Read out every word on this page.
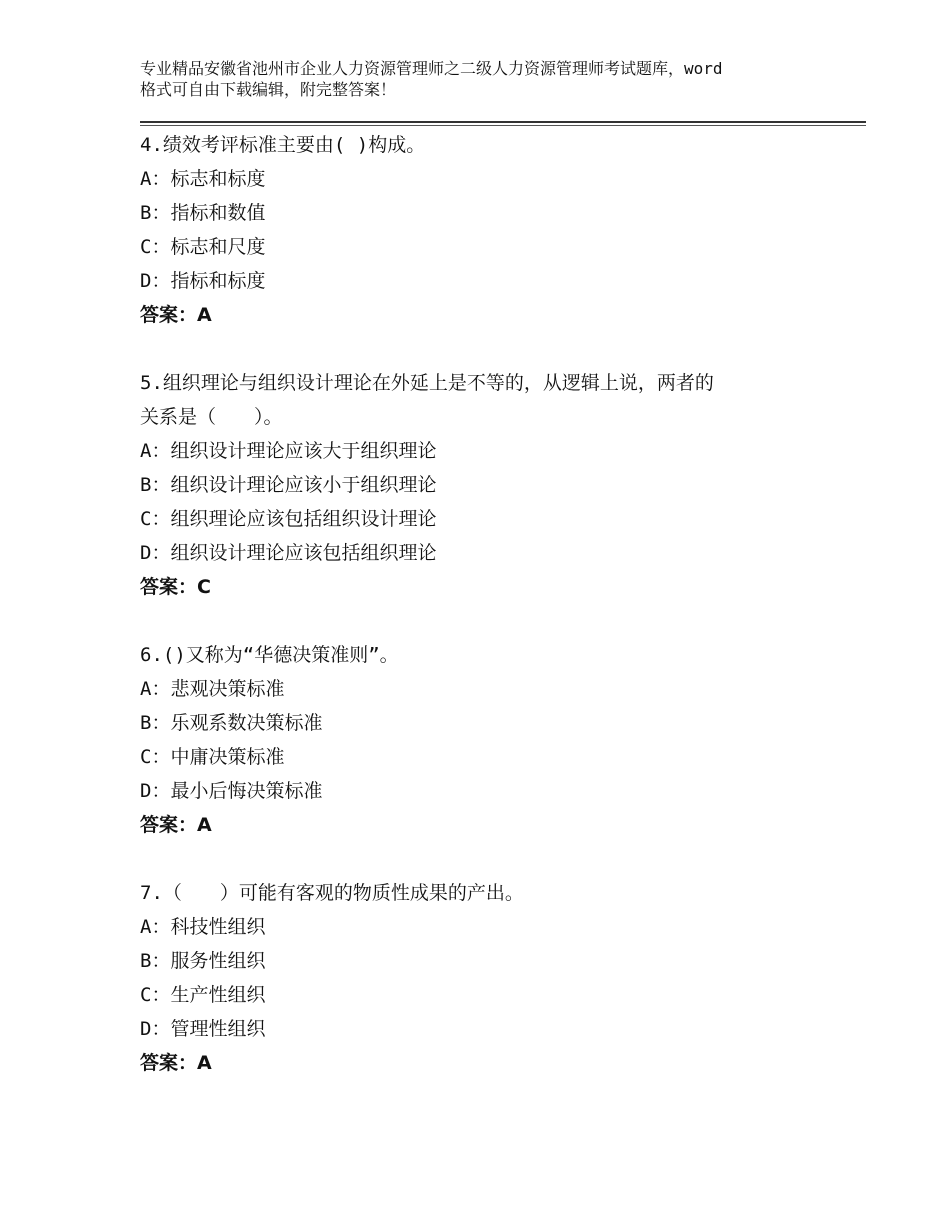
专业精品安徽省池州市企业人力资源管理师之二级人力资源管理师考试题库，word
格式可自由下载编辑，附完整答案！
4.绩效考评标准主要由( )构成。
A：标志和标度
B：指标和数值
C：标志和尺度
D：指标和标度
答案：A
5.组织理论与组织设计理论在外延上是不等的，从逻辑上说，两者的
关系是（　　）。
A：组织设计理论应该大于组织理论
B：组织设计理论应该小于组织理论
C：组织理论应该包括组织设计理论
D：组织设计理论应该包括组织理论
答案：C
6.()又称为“华德决策准则”。
A：悲观决策标准
B：乐观系数决策标准
C：中庸决策标准
D：最小后悔决策标准
答案：A
7.（　　）可能有客观的物质性成果的产出。
A：科技性组织
B：服务性组织
C：生产性组织
D：管理性组织
答案：A
